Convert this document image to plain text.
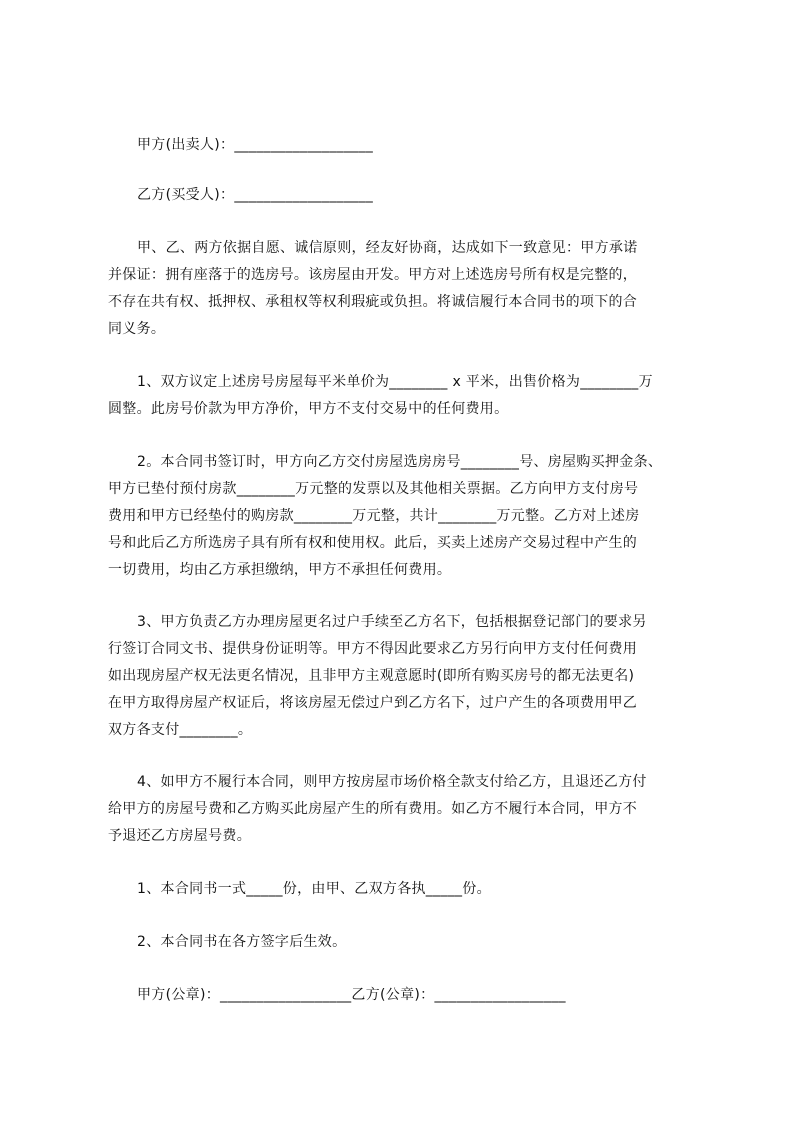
甲方(出卖人)：___________________
乙方(买受人)：___________________
甲、乙、两方依据自愿、诚信原则，经友好协商，达成如下一致意见：甲方承诺
并保证：拥有座落于的选房号。该房屋由开发。甲方对上述选房号所有权是完整的，
不存在共有权、抵押权、承租权等权利瑕疵或负担。将诚信履行本合同书的项下的合
同义务。
1、双方议定上述房号房屋每平米单价为________ x 平米，出售价格为________万
圆整。此房号价款为甲方净价，甲方不支付交易中的任何费用。
2。本合同书签订时，甲方向乙方交付房屋选房房号________号、房屋购买押金条、
甲方已垫付预付房款________万元整的发票以及其他相关票据。乙方向甲方支付房号
费用和甲方已经垫付的购房款________万元整，共计________万元整。乙方对上述房
号和此后乙方所选房子具有所有权和使用权。此后，买卖上述房产交易过程中产生的
一切费用，均由乙方承担缴纳，甲方不承担任何费用。
3、甲方负责乙方办理房屋更名过户手续至乙方名下，包括根据登记部门的要求另
行签订合同文书、提供身份证明等。甲方不得因此要求乙方另行向甲方支付任何费用
如出现房屋产权无法更名情况，且非甲方主观意愿时(即所有购买房号的都无法更名)
在甲方取得房屋产权证后，将该房屋无偿过户到乙方名下，过户产生的各项费用甲乙
双方各支付________。
4、如甲方不履行本合同，则甲方按房屋市场价格全款支付给乙方，且退还乙方付
给甲方的房屋号费和乙方购买此房屋产生的所有费用。如乙方不履行本合同，甲方不
予退还乙方房屋号费。
1、本合同书一式_____份，由甲、乙双方各执_____份。
2、本合同书在各方签字后生效。
甲方(公章)：__________________乙方(公章)：__________________
